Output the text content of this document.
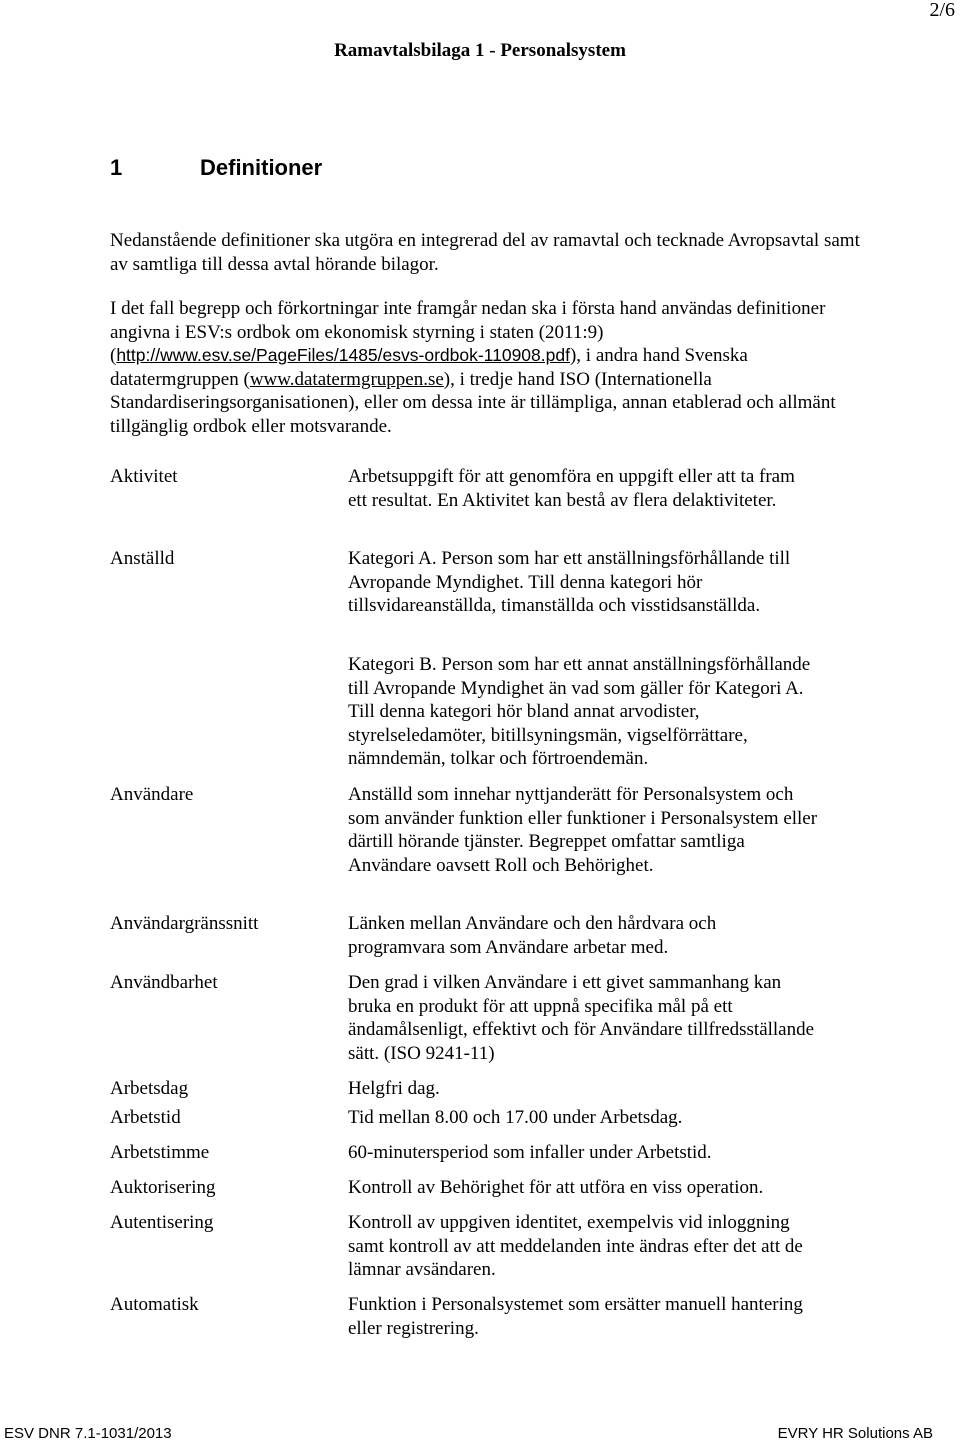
2/6
Ramavtalsbilaga 1 - Personalsystem
1	Definitioner
Nedanstående definitioner ska utgöra en integrerad del av ramavtal och tecknade Avropsavtal samt av samtliga till dessa avtal hörande bilagor.
I det fall begrepp och förkortningar inte framgår nedan ska i första hand användas definitioner angivna i ESV:s ordbok om ekonomisk styrning i staten (2011:9) (http://www.esv.se/PageFiles/1485/esvs-ordbok-110908.pdf), i andra hand Svenska datatermgruppen (www.datatermgruppen.se), i tredje hand ISO (Internationella Standardiseringsorganisationen), eller om dessa inte är tillämpliga, annan etablerad och allmänt tillgänglig ordbok eller motsvarande.
Aktivitet	Arbetsuppgift för att genomföra en uppgift eller att ta fram ett resultat. En Aktivitet kan bestå av flera delaktiviteter.
Anställd	Kategori A. Person som har ett anställningsförhållande till Avropande Myndighet. Till denna kategori hör tillsvidareanställda, timanställda och visstidsanställda.
Kategori B. Person som har ett annat anställningsförhållande till Avropande Myndighet än vad som gäller för Kategori A. Till denna kategori hör bland annat arvodister, styrelseledamöter, bitillsyningsmän, vigselförrättare, nämndemän, tolkar och förtroendemän.
Användare	Anställd som innehar nyttjanderätt för Personalsystem och som använder funktion eller funktioner i Personalsystem eller därtill hörande tjänster. Begreppet omfattar samtliga Användare oavsett Roll och Behörighet.
Användargränssnitt	Länken mellan Användare och den hårdvara och programvara som Användare arbetar med.
Användbarhet	Den grad i vilken Användare i ett givet sammanhang kan bruka en produkt för att uppnå specifika mål på ett ändamålsenligt, effektivt och för Användare tillfredsställande sätt. (ISO 9241-11)
Arbetsdag	Helgfri dag.
Arbetstid	Tid mellan 8.00 och 17.00 under Arbetsdag.
Arbetstimme	60-minutersperiod som infaller under Arbetstid.
Auktorisering	Kontroll av Behörighet för att utföra en viss operation.
Autentisering	Kontroll av uppgiven identitet, exempelvis vid inloggning samt kontroll av att meddelanden inte ändras efter det att de lämnar avsändaren.
Automatisk	Funktion i Personalsystemet som ersätter manuell hantering eller registrering.
ESV DNR 7.1-1031/2013	EVRY HR Solutions AB
